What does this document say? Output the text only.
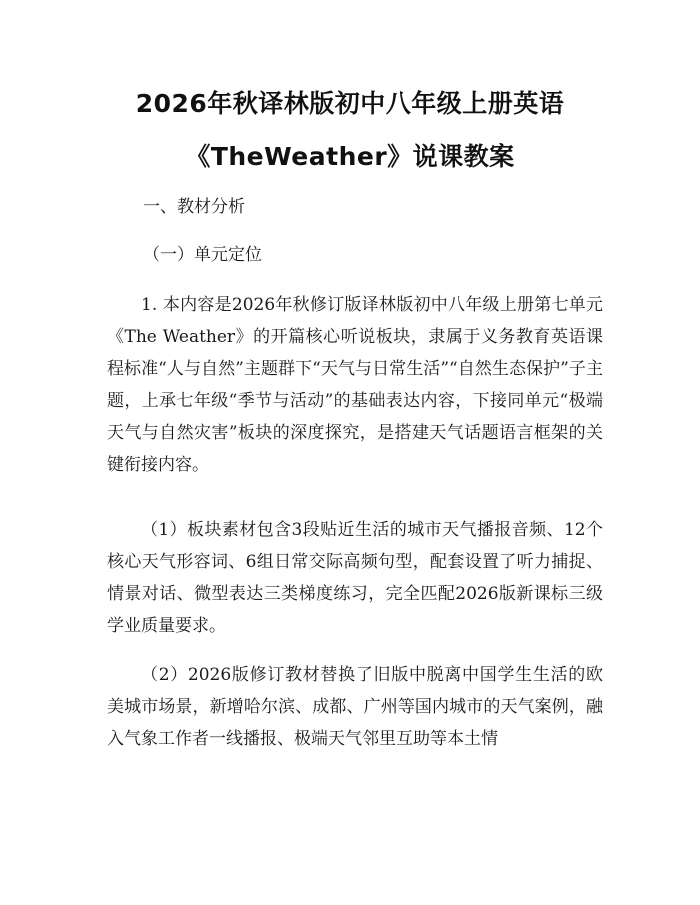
2026年秋译林版初中八年级上册英语
《TheWeather》说课教案
一、教材分析
（一）单元定位
1. 本内容是2026年秋修订版译林版初中八年级上册第七单元《The Weather》的开篇核心听说板块，隶属于义务教育英语课程标准“人与自然”主题群下“天气与日常生活”“自然生态保护”子主题，上承七年级“季节与活动”的基础表达内容，下接同单元“极端天气与自然灾害”板块的深度探究，是搭建天气话题语言框架的关键衔接内容。
（1）板块素材包含3段贴近生活的城市天气播报音频、12个核心天气形容词、6组日常交际高频句型，配套设置了听力捕捉、情景对话、微型表达三类梯度练习，完全匹配2026版新课标三级学业质量要求。
（2）2026版修订教材替换了旧版中脱离中国学生生活的欧美城市场景，新增哈尔滨、成都、广州等国内城市的天气案例，融入气象工作者一线播报、极端天气邻里互助等本土情
